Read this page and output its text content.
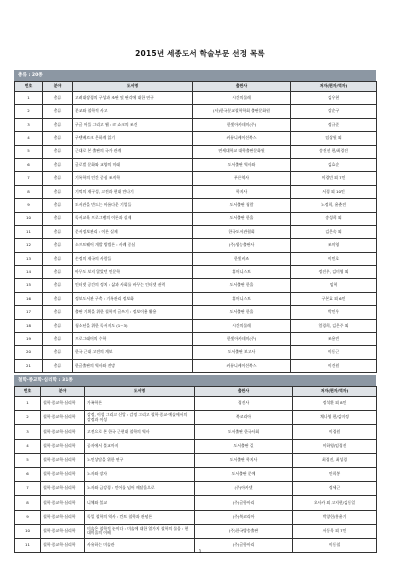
2015년 세종도서 학술부문 선정 목록
총류 : 20종
번호	분야	도서명	출판사	저자(편자/역자)
1	총류	고려대장경의 구성과 조판 및 판각에 대한 연구	시간의물레	김우현
2	총류	분교와 철학적 사고	(사)한국분교철학학회 출판문화원	강순구
3	총류	구글 어플 그리고 웹 : IT 쇼크의 조건	한빛아카데미(주)	정규준
4	총류	구텐베르크 은하계 읽기	커뮤니케이션북스	임상원 외
5	총류	근대로 본 출판의 국가 관계	연세대학교 대학출판문화원	송진선 편/최경진
6	총류	글로벌 문화와 교양의 미래	도서출판 역사와	김효순
7	총류	기록학의 인간 중심 조직학	푸른역사	이경민 외 7인
8	총류	기억의 재구성, 고전과 현대 만나기	학지사	서경 외 10인
9	총류	도서관을 만드는 아름다운 기업들	도서출판 청람	노정희, 윤춘전
10	총류	독서교육 프로그램의 이론과 실제	도서출판 한울	송성희 외
11	총류	문서정보관리 : 이론 실제	한국도서관협회	김은숙 외
12	총류	소프트웨어 개발 방법론 : 사례 중심	(주)생능출판사	조미영
13	총류	손정의 제국의 사람들	한빛비즈	이민호
14	총류	아무도 보지 않았던 인문학	휴머니스트	정진우, 김미영 외
15	총류	인터넷 공간의 정치 : 삶과 사회를 바꾸는 인터넷 권력	도서출판 한울	임혁
16	총류	정보도서관 구축 : 기록관리 정보화	휴머니스트	구본효 외 6인
17	총류	출판 기획을 위한 철학적 글쓰기 : 정보이용 활용	도서출판 한울	박인우
18	총류	청소년을 위한 독서지도 (1~3)	시간의물레	엄경희, 김은주 외
19	총류	프로그래머의 수학	한빛아카데미(주)	조용빈
20	총류	한국 근대 고전의 계보	도서출판 보고사	이동근
21	총류	한글출판의 역사와 전망	커뮤니케이션북스	이건원
철학·종교학·심리학 : 31종
번호	분야	도서명	출판사	저자(편자/역자)
1	철학·종교학·심리학	가족학론	경진사	정석환 외 8인
2	철학·종교학·심리학	감정, 이성 그리고 신앙 : 감정 그리고 철학·종교·예술에서의 감정과 이성	북코리아	채나영 편/김미정
3	철학·종교학·심리학	고전으로 본 한국 근현대 철학의 역사	도서출판 한국사회	이경원
4	철학·종교학·심리학	공자에서 불교까지	도서출판 길	이하영/임경진
5	철학·종교학·심리학	노인상담을 위한 연구	도서출판 학지사	최경진, 최성경
6	철학·종교학·심리학	노자와 장자	도서출판 문예	안희봉
7	철학·종교학·심리학	노자와 금강경 : 언어를 넘어 깨달음으로	(주)아카넷	정세근
8	철학·종교학·심리학	니체와 불교	(주)글항아리	오사카 외 고지현/김동일
9	철학·종교학·심리학	독일 철학의 역사 : 칸트 철학과 관념론	(주)북코리아	박창헌/홍윤기
10	철학·종교학·심리학	미술은 철학적 눈이다 : 미술에 대한 열가지 철학의 물음 : 현대미술의 이해	(주)한국방송출판	서동욱 외 7인
11	철학·종교학·심리학	사유하는 미술관	(주)글항아리	이동철
1
